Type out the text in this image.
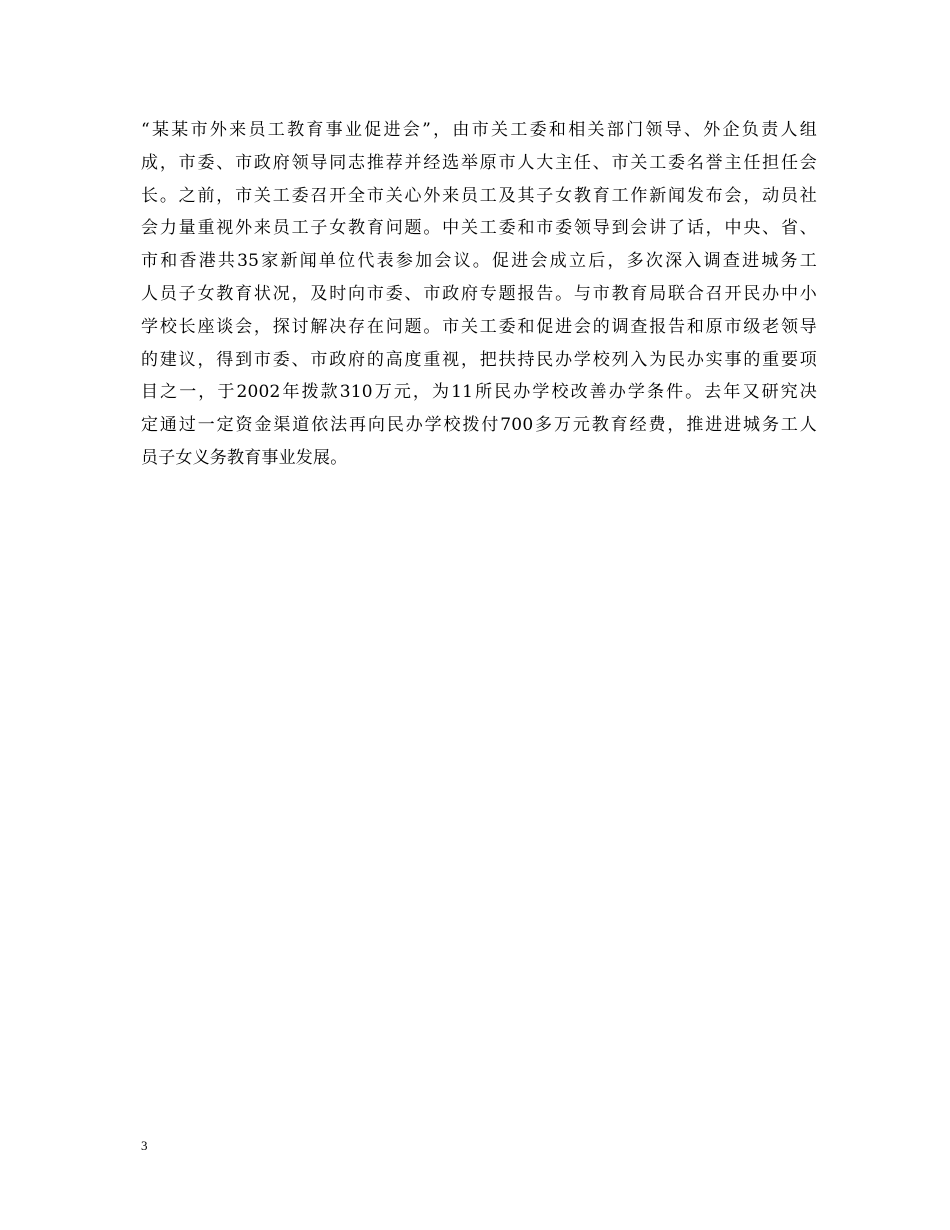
“某某市外来员工教育事业促进会”，由市关工委和相关部门领导、外企负责人组
成，市委、市政府领导同志推荐并经选举原市人大主任、市关工委名誉主任担任会
长。之前，市关工委召开全市关心外来员工及其子女教育工作新闻发布会，动员社
会力量重视外来员工子女教育问题。中关工委和市委领导到会讲了话，中央、省、
市和香港共35家新闻单位代表参加会议。促进会成立后，多次深入调查进城务工
人员子女教育状况，及时向市委、市政府专题报告。与市教育局联合召开民办中小
学校长座谈会，探讨解决存在问题。市关工委和促进会的调查报告和原市级老领导
的建议，得到市委、市政府的高度重视，把扶持民办学校列入为民办实事的重要项
目之一，于2002年拨款310万元，为11所民办学校改善办学条件。去年又研究决
定通过一定资金渠道依法再向民办学校拨付700多万元教育经费，推进进城务工人
员子女义务教育事业发展。
3
